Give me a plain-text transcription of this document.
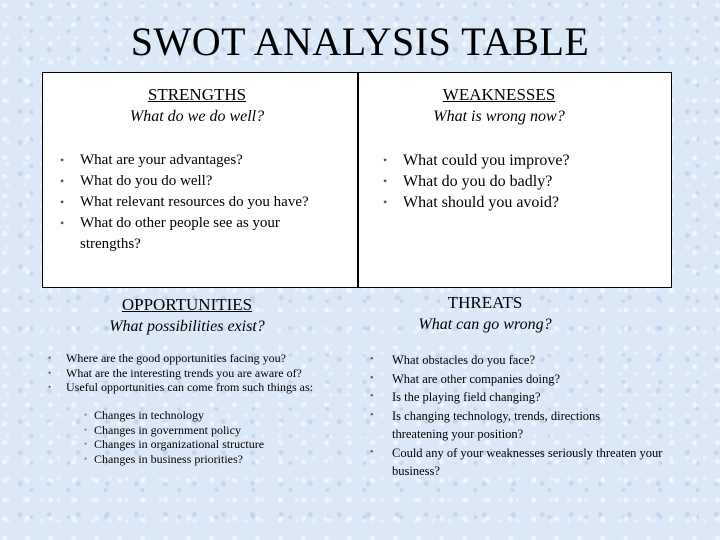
SWOT ANALYSIS TABLE
STRENGTHS
What do we do well?
• What are your advantages?
• What do you do well?
• What relevant resources do you have?
• What do other people see as your strengths?
WEAKNESSES
What is wrong now?
• What could you improve?
• What do you do badly?
• What should you avoid?
OPPORTUNITIES
What possibilities exist?
• Where are the good opportunities facing you?
• What are the interesting trends you are aware of?
• Useful opportunities can come from such things as:
• Changes in technology
• Changes in government policy
• Changes in organizational structure
• Changes in business priorities?
THREATS
What can go wrong?
• What obstacles do you face?
• What are other companies doing?
• Is the playing field changing?
• Is changing technology, trends, directions threatening your position?
• Could any of your weaknesses seriously threaten your business?
